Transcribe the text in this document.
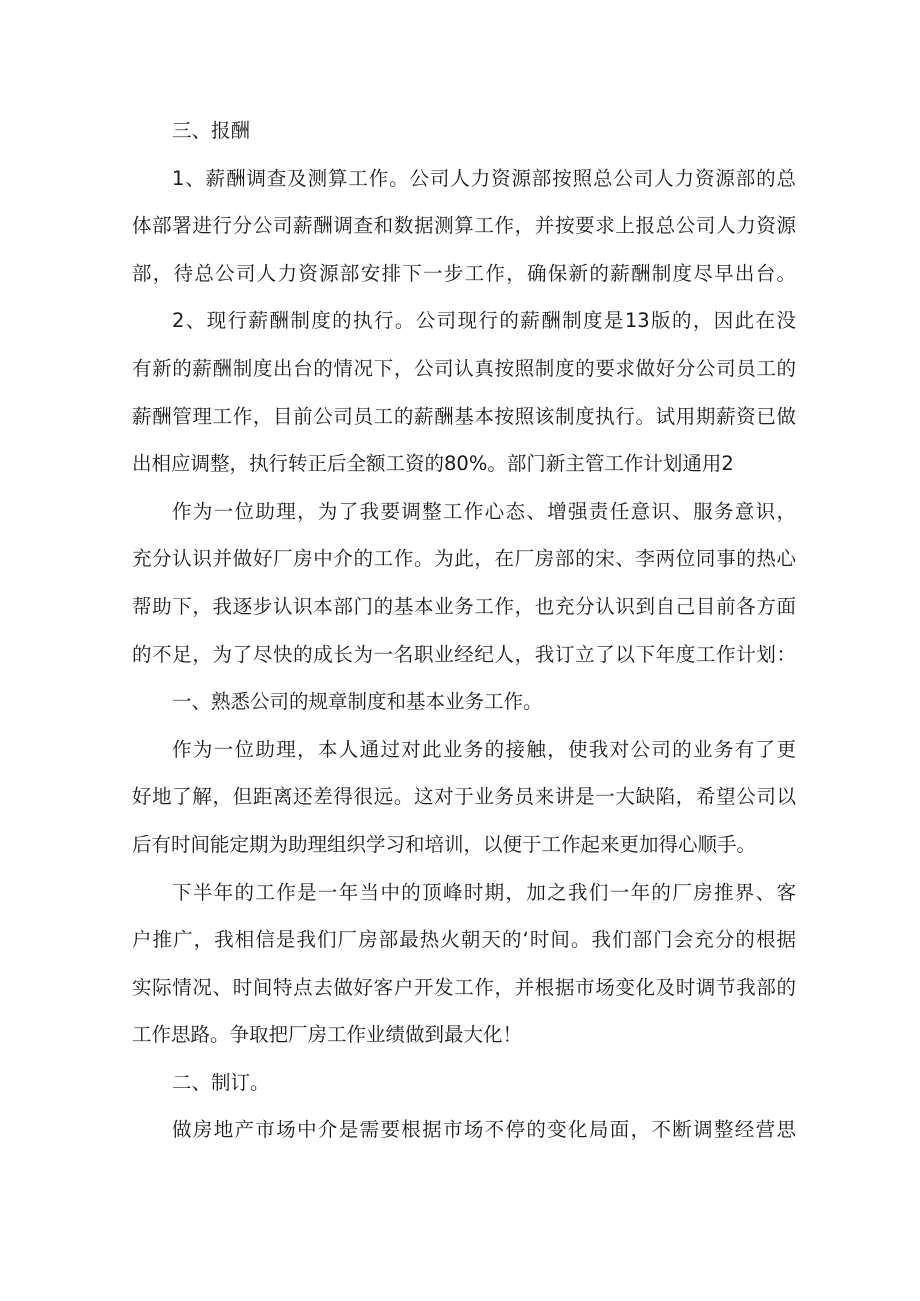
三、报酬
1、薪酬调查及测算工作。公司人力资源部按照总公司人力资源部的总
体部署进行分公司薪酬调查和数据测算工作，并按要求上报总公司人力资源
部，待总公司人力资源部安排下一步工作，确保新的薪酬制度尽早出台。
2、现行薪酬制度的执行。公司现行的薪酬制度是13版的，因此在没
有新的薪酬制度出台的情况下，公司认真按照制度的要求做好分公司员工的
薪酬管理工作，目前公司员工的薪酬基本按照该制度执行。试用期薪资已做
出相应调整，执行转正后全额工资的80%。部门新主管工作计划通用2
作为一位助理，为了我要调整工作心态、增强责任意识、服务意识，
充分认识并做好厂房中介的工作。为此，在厂房部的宋、李两位同事的热心
帮助下，我逐步认识本部门的基本业务工作，也充分认识到自己目前各方面
的不足，为了尽快的成长为一名职业经纪人，我订立了以下年度工作计划：
一、熟悉公司的规章制度和基本业务工作。
作为一位助理，本人通过对此业务的接触，使我对公司的业务有了更
好地了解，但距离还差得很远。这对于业务员来讲是一大缺陷，希望公司以
后有时间能定期为助理组织学习和培训，以便于工作起来更加得心顺手。
下半年的工作是一年当中的顶峰时期，加之我们一年的厂房推界、客
户推广，我相信是我们厂房部最热火朝天的‘时间。我们部门会充分的根据
实际情况、时间特点去做好客户开发工作，并根据市场变化及时调节我部的
工作思路。争取把厂房工作业绩做到最大化！
二、制订。
做房地产市场中介是需要根据市场不停的变化局面，不断调整经营思
